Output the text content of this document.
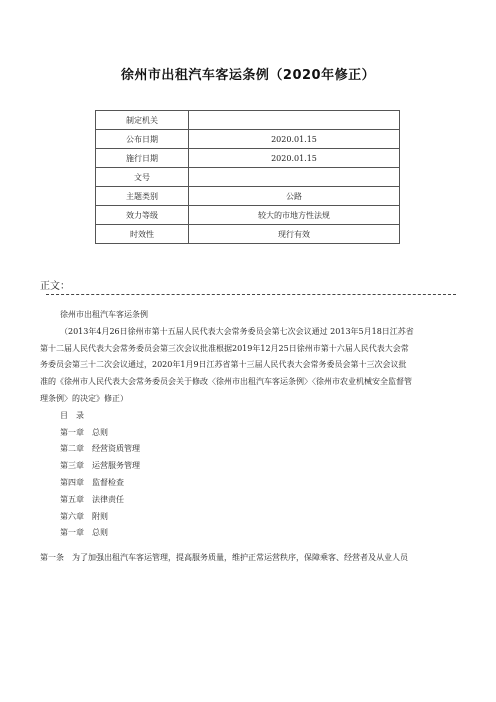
徐州市出租汽车客运条例（2020年修正）
制定机关	
公布日期	2020.01.15
施行日期	2020.01.15
文号	
主题类别	公路
效力等级	较大的市地方性法规
时效性	现行有效
正文：

徐州市出租汽车客运条例

（2013年4月26日徐州市第十五届人民代表大会常务委员会第七次会议通过 2013年5月18日江苏省

第十二届人民代表大会常务委员会第三次会议批准根据2019年12月25日徐州市第十六届人民代表大会常

务委员会第三十二次会议通过，2020年1月9日江苏省第十三届人民代表大会常务委员会第十三次会议批

准的《徐州市人民代表大会常务委员会关于修改〈徐州市出租汽车客运条例〉〈徐州市农业机械安全监督管

理条例〉的决定》修正）

目　录

第一章　总则

第二章　经营资质管理

第三章　运营服务管理

第四章　监督检查

第五章　法律责任

第六章　附则

第一章　总则

第一条　为了加强出租汽车客运管理，提高服务质量，维护正常运营秩序，保障乘客、经营者及从业人员
